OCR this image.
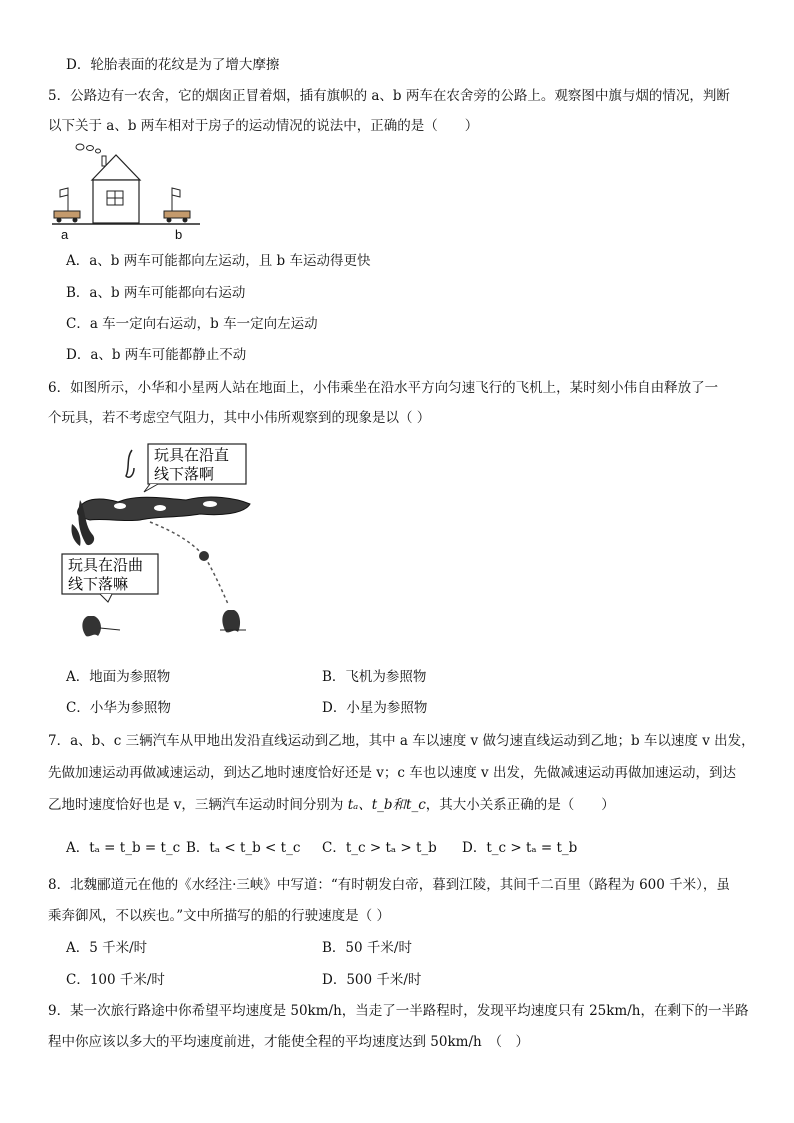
D．轮胎表面的花纹是为了增大摩擦
5．公路边有一农舍，它的烟囱正冒着烟，插有旗帜的 a、b 两车在农舍旁的公路上。观察图中旗与烟的情况，判断
以下关于 a、b 两车相对于房子的运动情况的说法中，正确的是（　　）
a	b
A．a、b 两车可能都向左运动，且 b 车运动得更快
B．a、b 两车可能都向右运动
C．a 车一定向右运动，b 车一定向左运动
D．a、b 两车可能都静止不动
6．如图所示，小华和小星两人站在地面上，小伟乘坐在沿水平方向匀速飞行的飞机上，某时刻小伟自由释放了一
个玩具，若不考虑空气阻力，其中小伟所观察到的现象是以（ ）
玩具在沿直
线下落啊
玩具在沿曲
线下落嘛
A．地面为参照物	B．飞机为参照物
C．小华为参照物	D．小星为参照物
7．a、b、c 三辆汽车从甲地出发沿直线运动到乙地，其中 a 车以速度 v 做匀速直线运动到乙地；b 车以速度 v 出发，
先做加速运动再做减速运动，到达乙地时速度恰好还是 v；c 车也以速度 v 出发，先做减速运动再做加速运动，到达
乙地时速度恰好也是 v，三辆汽车运动时间分别为 tₐ、t_b和t_c，其大小关系正确的是（　　）
A．tₐ = t_b = t_c B．tₐ < t_b < t_c C．t_c > tₐ > t_b D．t_c > tₐ = t_b
8．北魏郦道元在他的《水经注·三峡》中写道：“有时朝发白帝，暮到江陵，其间千二百里（路程为 600 千米），虽
乘奔御风，不以疾也。”文中所描写的船的行驶速度是（ ）
A．5 千米/时	B．50 千米/时
C．100 千米/时	D．500 千米/时
9．某一次旅行路途中你希望平均速度是 50km/h，当走了一半路程时，发现平均速度只有 25km/h，在剩下的一半路
程中你应该以多大的平均速度前进，才能使全程的平均速度达到 50km/h　（　）
